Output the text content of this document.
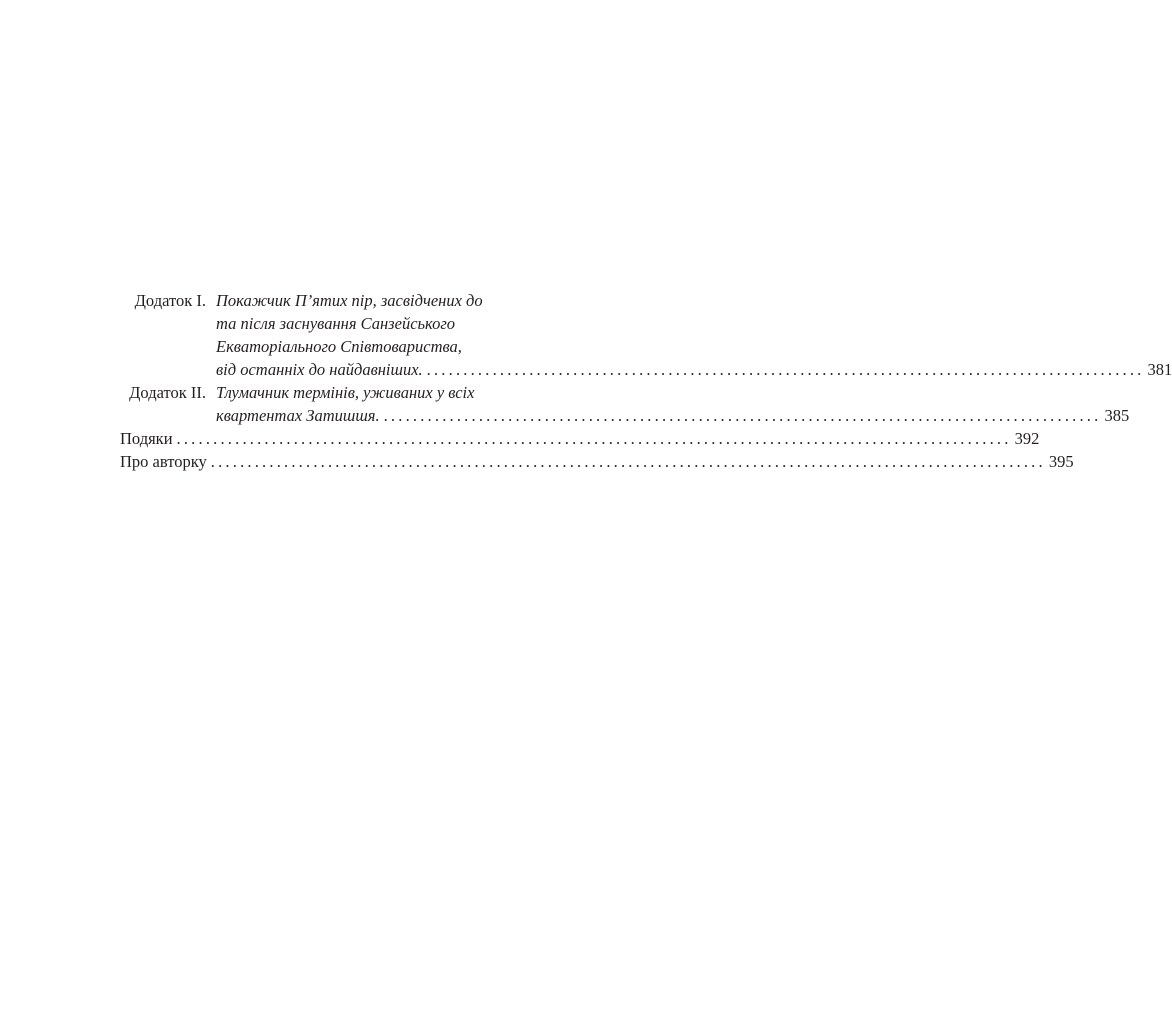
Додаток I. Покажчик П’ятих пір, засвідчених до
та після заснування Санзейського
Екваторіального Співтовариства,
від останніх до найдавніших. .................................................................................................. 381
Додаток II. Тлумачник термінів, уживаних у всіх
квартентах Затишшя. .................................................................................................. 385
Подяки .................................................................................................................. 392
Про авторку .................................................................................................................. 395
